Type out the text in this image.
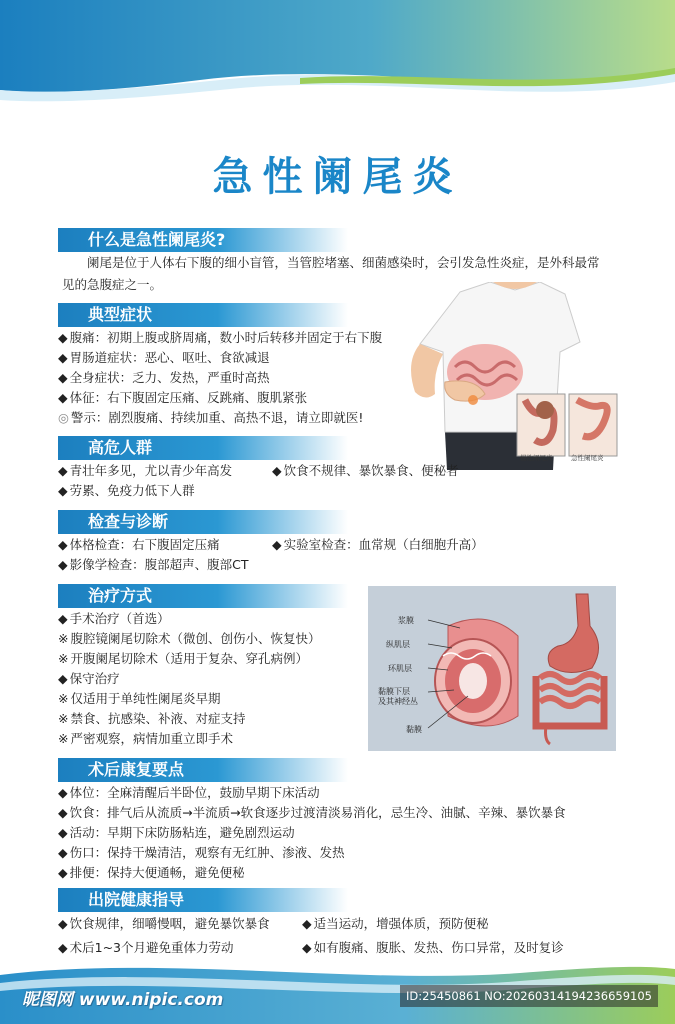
急性阑尾炎
什么是急性阑尾炎?
阑尾是位于人体右下腹的细小盲管，当管腔堵塞、细菌感染时，会引发急性炎症，是外科最常
见的急腹症之一。
典型症状
◆ 腹痛：初期上腹或脐周痛，数小时后转移并固定于右下腹
◆ 胃肠道症状：恶心、呕吐、食欲减退
◆ 全身症状：乏力、发热，严重时高热
◆ 体征：右下腹固定压痛、反跳痛、腹肌紧张
◎ 警示：剧烈腹痛、持续加重、高热不退，请立即就医!
慢性阑尾炎	急性阑尾炎
高危人群
◆ 青壮年多见，尤以青少年高发	◆ 饮食不规律、暴饮暴食、便秘者
◆ 劳累、免疫力低下人群
检查与诊断
◆ 体格检查：右下腹固定压痛	◆ 实验室检查：血常规（白细胞升高）
◆ 影像学检查：腹部超声、腹部CT
治疗方式
◆ 手术治疗（首选）
※ 腹腔镜阑尾切除术（微创、创伤小、恢复快）
※ 开腹阑尾切除术（适用于复杂、穿孔病例）
◆ 保守治疗
※ 仅适用于单纯性阑尾炎早期
※ 禁食、抗感染、补液、对症支持
※ 严密观察，病情加重立即手术
浆膜
纵肌层
环肌层
黏膜下层
及其神经丛
黏膜
术后康复要点
◆ 体位：全麻清醒后半卧位，鼓励早期下床活动
◆ 饮食：排气后从流质→半流质→软食逐步过渡清淡易消化，忌生冷、油腻、辛辣、暴饮暴食
◆ 活动：早期下床防肠粘连，避免剧烈运动
◆ 伤口：保持干燥清洁，观察有无红肿、渗液、发热
◆ 排便：保持大便通畅，避免便秘
出院健康指导
◆ 饮食规律，细嚼慢咽，避免暴饮暴食	◆ 适当运动，增强体质，预防便秘
◆ 术后1~3个月避免重体力劳动	◆ 如有腹痛、腹胀、发热、伤口异常，及时复诊
昵图网 www.nipic.com	ID:25450861 NO:20260314194236659105
